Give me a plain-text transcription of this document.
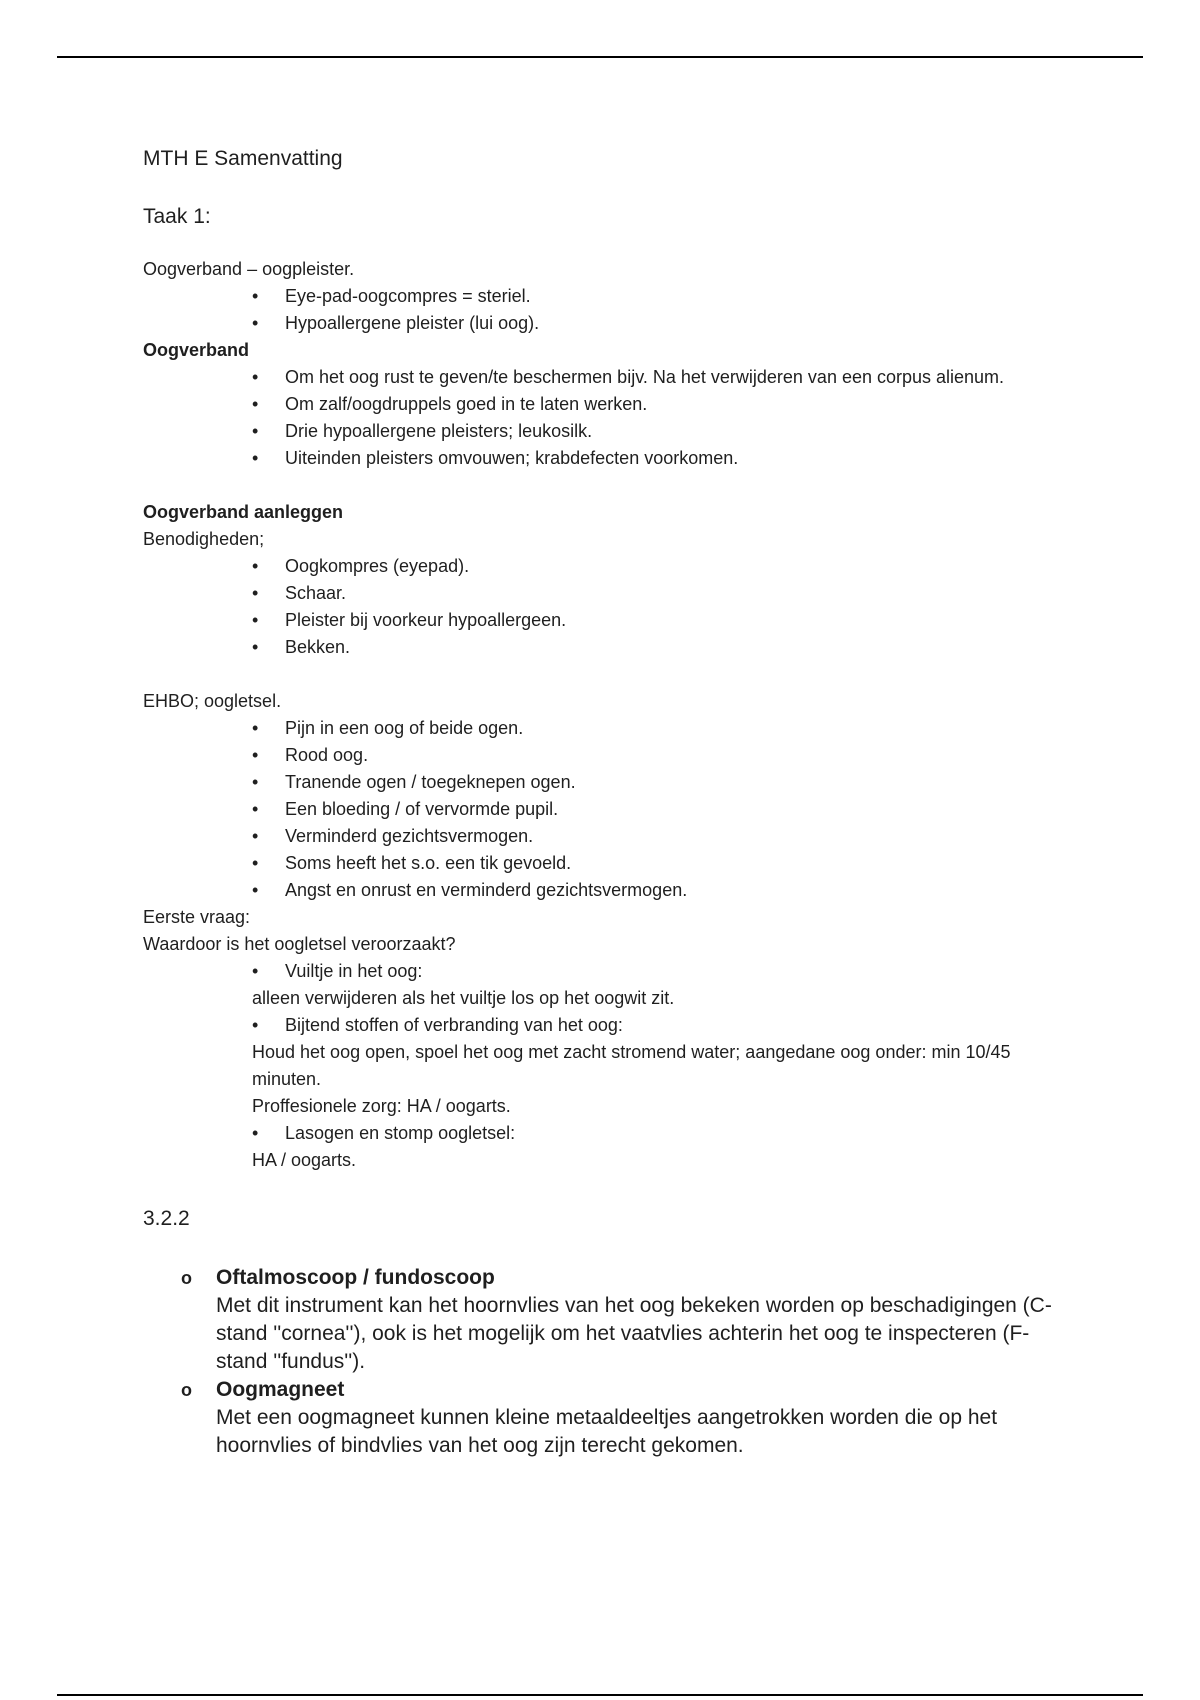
MTH E Samenvatting
Taak 1:

Oogverband – oogpleister.

• Eye-pad-oogcompres = steriel.
• Hypoallergene pleister (lui oog).

Oogverband

• Om het oog rust te geven/te beschermen bijv. Na het verwijderen van een corpus alienum.
• Om zalf/oogdruppels goed in te laten werken.
• Drie hypoallergene pleisters; leukosilk.
• Uiteinden pleisters omvouwen; krabdefecten voorkomen.

Oogverband aanleggen

Benodigheden;

• Oogkompres (eyepad).
• Schaar.
• Pleister bij voorkeur hypoallergeen.
• Bekken.

EHBO; oogletsel.

• Pijn in een oog of beide ogen.
• Rood oog.
• Tranende ogen / toegeknepen ogen.
• Een bloeding / of vervormde pupil.
• Verminderd gezichtsvermogen.
• Soms heeft het s.o. een tik gevoeld.
• Angst en onrust en verminderd gezichtsvermogen.

Eerste vraag:

Waardoor is het oogletsel veroorzaakt?

• Vuiltje in het oog:
alleen verwijderen als het vuiltje los op het oogwit zit.
• Bijtend stoffen of verbranding van het oog:
Houd het oog open, spoel het oog met zacht stromend water; aangedane oog onder: min 10/45 minuten.
Proffesionele zorg: HA / oogarts.
• Lasogen en stomp oogletsel:
HA / oogarts.
3.2.2
o Oftalmoscoop / fundoscoop
Met dit instrument kan het hoornvlies van het oog bekeken worden op beschadigingen (C-stand ''cornea''), ook is het mogelijk om het vaatvlies achterin het oog te inspecteren (F-stand ''fundus'').
o Oogmagneet
Met een oogmagneet kunnen kleine metaaldeeltjes aangetrokken worden die op het hoornvlies of bindvlies van het oog zijn terecht gekomen.
